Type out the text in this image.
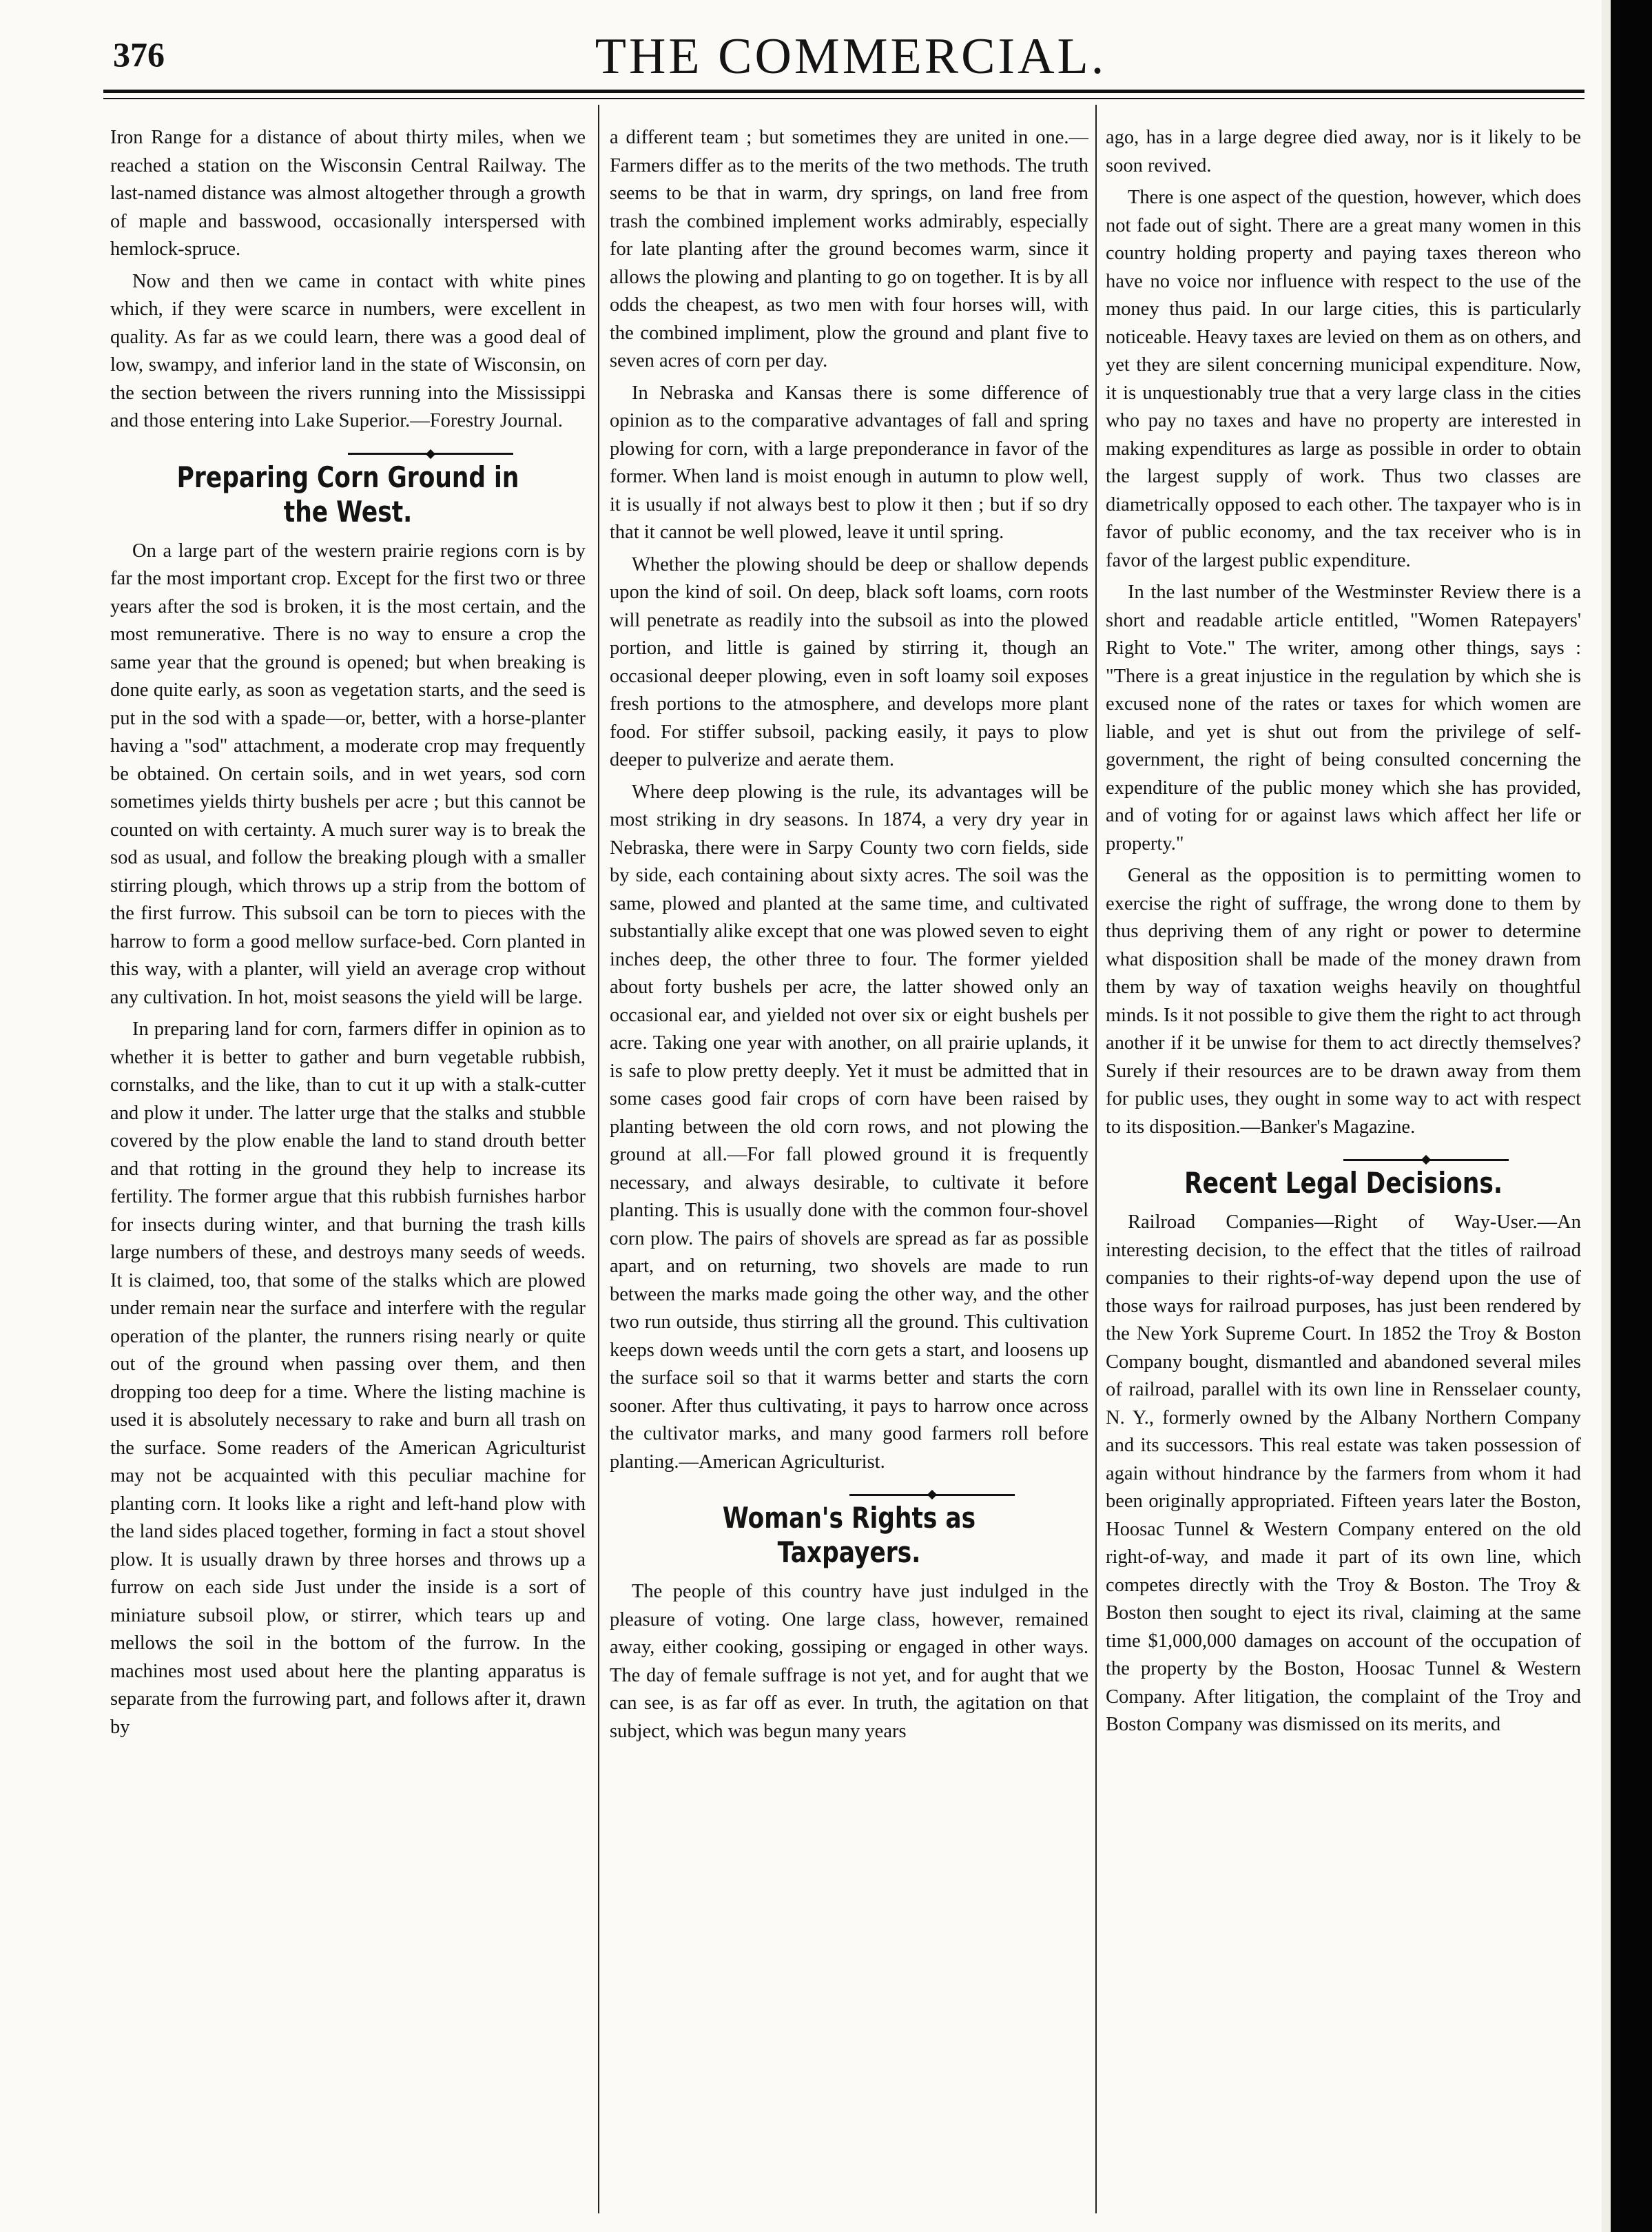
376	THE COMMERCIAL.

Iron Range for a distance of about thirty miles, when we reached a station on the Wisconsin Central Railway. The last-named distance was almost altogether through a growth of maple and basswood, occasionally interspersed with hemlock-spruce.

Now and then we came in contact with white pines which, if they were scarce in numbers, were excellent in quality. As far as we could learn, there was a good deal of low, swampy, and inferior land in the state of Wisconsin, on the section between the rivers running into the Mississippi and those entering into Lake Superior.—Forestry Journal.

Preparing Corn Ground in the West.

On a large part of the western prairie regions corn is by far the most important crop. Except for the first two or three years after the sod is broken, it is the most certain, and the most remunerative. There is no way to ensure a crop the same year that the ground is opened; but when breaking is done quite early, as soon as vegetation starts, and the seed is put in the sod with a spade—or, better, with a horse-planter having a "sod" attachment, a moderate crop may frequently be obtained. On certain soils, and in wet years, sod corn sometimes yields thirty bushels per acre ; but this cannot be counted on with certainty. A much surer way is to break the sod as usual, and follow the breaking plough with a smaller stirring plough, which throws up a strip from the bottom of the first furrow. This subsoil can be torn to pieces with the harrow to form a good mellow surface-bed. Corn planted in this way, with a planter, will yield an average crop without any cultivation. In hot, moist seasons the yield will be large.

In preparing land for corn, farmers differ in opinion as to whether it is better to gather and burn vegetable rubbish, cornstalks, and the like, than to cut it up with a stalk-cutter and plow it under. The latter urge that the stalks and stubble covered by the plow enable the land to stand drouth better and that rotting in the ground they help to increase its fertility. The former argue that this rubbish furnishes harbor for insects during winter, and that burning the trash kills large numbers of these, and destroys many seeds of weeds. It is claimed, too, that some of the stalks which are plowed under remain near the surface and interfere with the regular operation of the planter, the runners rising nearly or quite out of the ground when passing over them, and then dropping too deep for a time. Where the listing machine is used it is absolutely necessary to rake and burn all trash on the surface. Some readers of the American Agriculturist may not be acquainted with this peculiar machine for planting corn. It looks like a right and left-hand plow with the land sides placed together, forming in fact a stout shovel plow. It is usually drawn by three horses and throws up a furrow on each side Just under the inside is a sort of miniature subsoil plow, or stirrer, which tears up and mellows the soil in the bottom of the furrow. In the machines most used about here the planting apparatus is separate from the furrowing part, and follows after it, drawn by

a different team ; but sometimes they are united in one.—Farmers differ as to the merits of the two methods. The truth seems to be that in warm, dry springs, on land free from trash the combined implement works admirably, especially for late planting after the ground becomes warm, since it allows the plowing and planting to go on together. It is by all odds the cheapest, as two men with four horses will, with the combined impliment, plow the ground and plant five to seven acres of corn per day.

In Nebraska and Kansas there is some difference of opinion as to the comparative advantages of fall and spring plowing for corn, with a large preponderance in favor of the former. When land is moist enough in autumn to plow well, it is usually if not always best to plow it then ; but if so dry that it cannot be well plowed, leave it until spring.

Whether the plowing should be deep or shallow depends upon the kind of soil. On deep, black soft loams, corn roots will penetrate as readily into the subsoil as into the plowed portion, and little is gained by stirring it, though an occasional deeper plowing, even in soft loamy soil exposes fresh portions to the atmosphere, and develops more plant food. For stiffer subsoil, packing easily, it pays to plow deeper to pulverize and aerate them.

Where deep plowing is the rule, its advantages will be most striking in dry seasons. In 1874, a very dry year in Nebraska, there were in Sarpy County two corn fields, side by side, each containing about sixty acres. The soil was the same, plowed and planted at the same time, and cultivated substantially alike except that one was plowed seven to eight inches deep, the other three to four. The former yielded about forty bushels per acre, the latter showed only an occasional ear, and yielded not over six or eight bushels per acre. Taking one year with another, on all prairie uplands, it is safe to plow pretty deeply. Yet it must be admitted that in some cases good fair crops of corn have been raised by planting between the old corn rows, and not plowing the ground at all.—For fall plowed ground it is frequently necessary, and always desirable, to cultivate it before planting. This is usually done with the common four-shovel corn plow. The pairs of shovels are spread as far as possible apart, and on returning, two shovels are made to run between the marks made going the other way, and the other two run outside, thus stirring all the ground. This cultivation keeps down weeds until the corn gets a start, and loosens up the surface soil so that it warms better and starts the corn sooner. After thus cultivating, it pays to harrow once across the cultivator marks, and many good farmers roll before planting.—American Agriculturist.

Woman's Rights as Taxpayers.

The people of this country have just indulged in the pleasure of voting. One large class, however, remained away, either cooking, gossiping or engaged in other ways. The day of female suffrage is not yet, and for aught that we can see, is as far off as ever. In truth, the agitation on that subject, which was begun many years

ago, has in a large degree died away, nor is it likely to be soon revived.

There is one aspect of the question, however, which does not fade out of sight. There are a great many women in this country holding property and paying taxes thereon who have no voice nor influence with respect to the use of the money thus paid. In our large cities, this is particularly noticeable. Heavy taxes are levied on them as on others, and yet they are silent concerning municipal expenditure. Now, it is unquestionably true that a very large class in the cities who pay no taxes and have no property are interested in making expenditures as large as possible in order to obtain the largest supply of work. Thus two classes are diametrically opposed to each other. The taxpayer who is in favor of public economy, and the tax receiver who is in favor of the largest public expenditure.

In the last number of the Westminster Review there is a short and readable article entitled, "Women Ratepayers' Right to Vote." The writer, among other things, says : "There is a great injustice in the regulation by which she is excused none of the rates or taxes for which women are liable, and yet is shut out from the privilege of self-government, the right of being consulted concerning the expenditure of the public money which she has provided, and of voting for or against laws which affect her life or property."

General as the opposition is to permitting women to exercise the right of suffrage, the wrong done to them by thus depriving them of any right or power to determine what disposition shall be made of the money drawn from them by way of taxation weighs heavily on thoughtful minds. Is it not possible to give them the right to act through another if it be unwise for them to act directly themselves? Surely if their resources are to be drawn away from them for public uses, they ought in some way to act with respect to its disposition.—Banker's Magazine.

Recent Legal Decisions.

Railroad Companies—Right of Way-User.—An interesting decision, to the effect that the titles of railroad companies to their rights-of-way depend upon the use of those ways for railroad purposes, has just been rendered by the New York Supreme Court. In 1852 the Troy & Boston Company bought, dismantled and abandoned several miles of railroad, parallel with its own line in Rensselaer county, N. Y., formerly owned by the Albany Northern Company and its successors. This real estate was taken possession of again without hindrance by the farmers from whom it had been originally appropriated. Fifteen years later the Boston, Hoosac Tunnel & Western Company entered on the old right-of-way, and made it part of its own line, which competes directly with the Troy & Boston. The Troy & Boston then sought to eject its rival, claiming at the same time $1,000,000 damages on account of the occupation of the property by the Boston, Hoosac Tunnel & Western Company. After litigation, the complaint of the Troy and Boston Company was dismissed on its merits, and
